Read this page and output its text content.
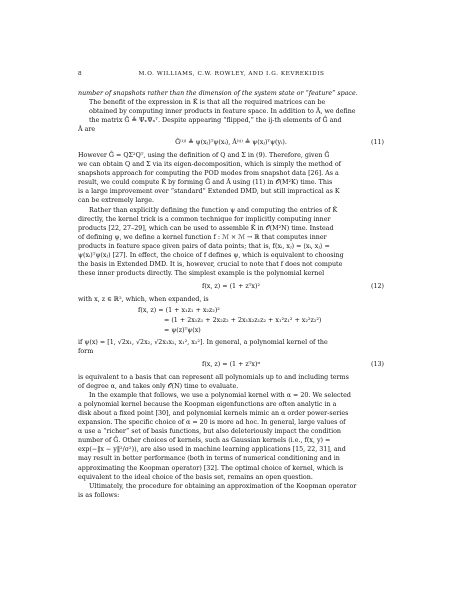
8	M.O. WILLIAMS, C.W. ROWLEY, AND I.G. KEVREKIDIS

number of snapshots rather than the dimension of the system state or “feature” space.

The benefit of the expression in K̂ is that all the required matrices can be
obtained by computing inner products in feature space. In addition to Â, we define
the matrix Ĝ ≜ ΨₓΨₓᵀ. Despite appearing “flipped,” the ij-th elements of Ĝ and
Â are
Ĝ⁽ⁱʲ⁾ ≜ ψ(xⱼ)ᵀψ(xᵢ), Â⁽ⁱʲ⁾ ≜ ψ(xⱼ)ᵀψ(yᵢ).	(11)
However Ĝ = QΣ²Qᵀ, using the definition of Q and Σ in (9). Therefore, given Ĝ
we can obtain Q and Σ via its eigen-decomposition, which is simply the method of
snapshots approach for computing the POD modes from snapshot data [26]. As a
result, we could compute K̂ by forming Ĝ and Â using (11) in 𝒪(M²K) time. This
is a large improvement over “standard” Extended DMD, but still impractical as K
can be extremely large.
Rather than explicitly defining the function ψ and computing the entries of K̂
directly, the kernel trick is a common technique for implicitly computing inner
products [22, 27–29], which can be used to assemble K̂ in 𝒪(M²N) time. Instead
of defining ψ, we define a kernel function f : ℳ × ℳ → ℝ that computes inner
products in feature space given pairs of data points; that is, f(xᵢ, xⱼ) = ⟨xᵢ, xⱼ⟩ =
ψ(xᵢ)ᵀψ(xⱼ) [27]. In effect, the choice of f defines ψ, which is equivalent to choosing
the basis in Extended DMD. It is, however, crucial to note that f does not compute
these inner products directly. The simplest example is the polynomial kernel
f(x, z) = (1 + zᵀx)²	(12)
with x, z ∈ ℝ², which, when expanded, is
f(x, z) = (1 + x₁z₁ + x₂z₂)²
= (1 + 2x₁z₁ + 2x₂z₂ + 2x₁x₂z₁z₂ + x₁²z₁² + x₂²z₂²)
= ψ(z)ᵀψ(x)
if ψ(x) = [1, √2x₁, √2x₂, √2x₁x₂, x₁², x₂²]. In general, a polynomial kernel of the
form
f(x, z) = (1 + zᵀx)ᵅ	(13)
is equivalent to a basis that can represent all polynomials up to and including terms
of degree α, and takes only 𝒪(N) time to evaluate.
In the example that follows, we use a polynomial kernel with α = 20. We selected
a polynomial kernel because the Koopman eigenfunctions are often analytic in a
disk about a fixed point [30], and polynomial kernels mimic an α order power-series
expansion. The specific choice of α = 20 is more ad hoc. In general, large values of
α use a “richer” set of basis functions, but also deleteriously impact the condition
number of Ĝ. Other choices of kernels, such as Gaussian kernels (i.e., f(x, y) =
exp(−‖x − y‖²/σ²)), are also used in machine learning applications [15, 22, 31], and
may result in better performance (both in terms of numerical conditioning and in
approximating the Koopman operator) [32]. The optimal choice of kernel, which is
equivalent to the ideal choice of the basis set, remains an open question.
Ultimately, the procedure for obtaining an approximation of the Koopman operator
is as follows:
